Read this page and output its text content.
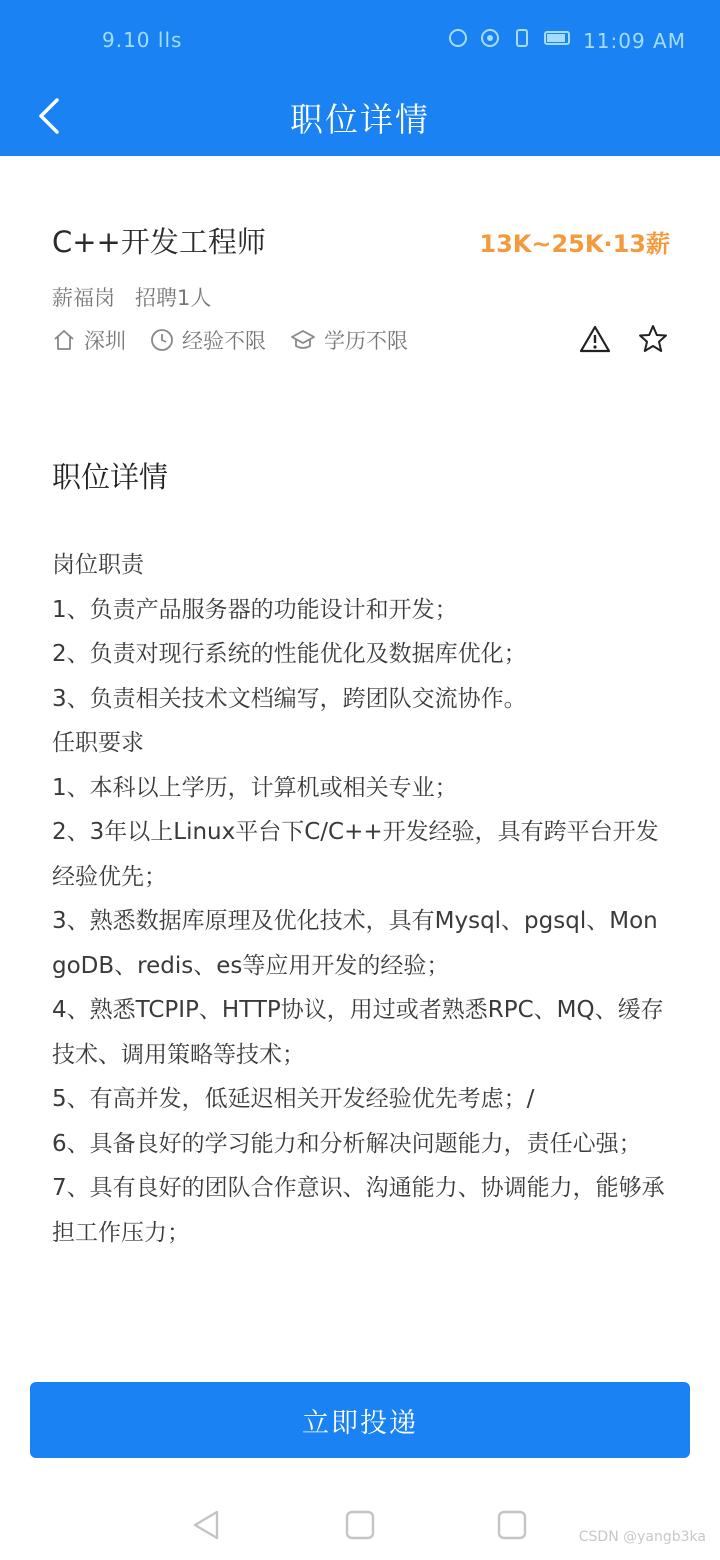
9.10 lls	11:09 AM
职位详情
C++开发工程师	13K~25K·13薪
薪福岗 招聘1人
深圳	经验不限	学历不限
职位详情
岗位职责
1、负责产品服务器的功能设计和开发；
2、负责对现行系统的性能优化及数据库优化；
3、负责相关技术文档编写，跨团队交流协作。
任职要求
1、本科以上学历，计算机或相关专业；
2、3年以上Linux平台下C/C++开发经验，具有跨平台开发经验优先；
3、熟悉数据库原理及优化技术，具有Mysql、pgsql、MongoDB、redis、es等应用开发的经验；
4、熟悉TCPIP、HTTP协议，用过或者熟悉RPC、MQ、缓存技术、调用策略等技术；
5、有高并发，低延迟相关开发经验优先考虑；/
6、具备良好的学习能力和分析解决问题能力，责任心强；
7、具有良好的团队合作意识、沟通能力、协调能力，能够承担工作压力；
立即投递
CSDN @yangb3ka
